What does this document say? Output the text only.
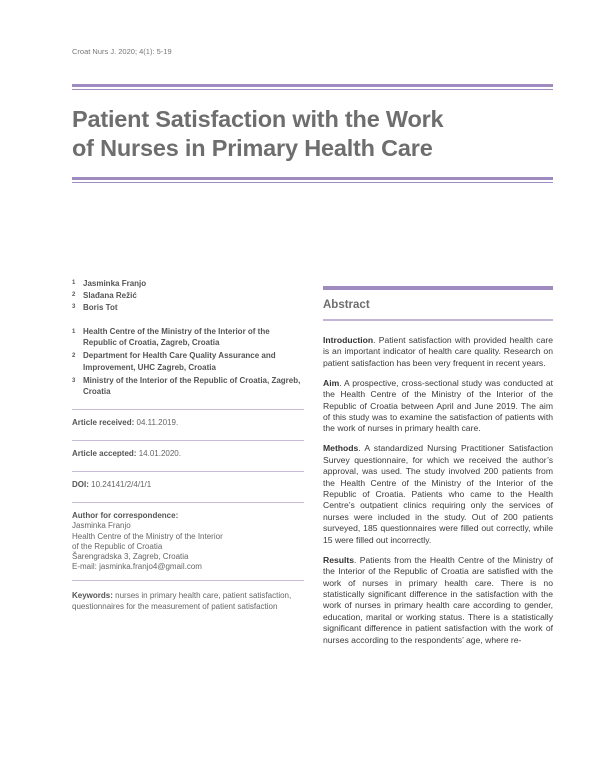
Croat Nurs J. 2020; 4(1): 5-19
Patient Satisfaction with the Work
of Nurses in Primary Health Care
1 Jasminka Franjo
2 Slađana Režić
3 Boris Tot
1 Health Centre of the Ministry of the Interior of the Republic of Croatia, Zagreb, Croatia
2 Department for Health Care Quality Assurance and Improvement, UHC Zagreb, Croatia
3 Ministry of the Interior of the Republic of Croatia, Zagreb, Croatia
Article received: 04.11.2019.
Article accepted: 14.01.2020.
DOI: 10.24141/2/4/1/1
Author for correspondence:
Jasminka Franjo
Health Centre of the Ministry of the Interior
of the Republic of Croatia
Šarengradska 3, Zagreb, Croatia
E-mail: jasminka.franjo4@gmail.com
Keywords: nurses in primary health care, patient satisfaction, questionnaires for the measurement of patient satisfaction
Abstract

Introduction. Patient satisfaction with provided health care is an important indicator of health care quality. Research on patient satisfaction has been very frequent in recent years.

Aim. A prospective, cross-sectional study was conducted at the Health Centre of the Ministry of the Interior of the Republic of Croatia between April and June 2019. The aim of this study was to examine the satisfaction of patients with the work of nurses in primary health care.

Methods. A standardized Nursing Practitioner Satisfaction Survey questionnaire, for which we received the author’s approval, was used. The study involved 200 patients from the Health Centre of the Ministry of the Interior of the Republic of Croatia. Patients who came to the Health Centre’s outpatient clinics requiring only the services of nurses were included in the study. Out of 200 patients surveyed, 185 questionnaires were filled out correctly, while 15 were filled out incorrectly.

Results. Patients from the Health Centre of the Ministry of the Interior of the Republic of Croatia are satisfied with the work of nurses in primary health care. There is no statistically significant difference in the satisfaction with the work of nurses in primary health care according to gender, education, marital or working status. There is a statistically significant difference in patient satisfaction with the work of nurses according to the respondents’ age, where re-
